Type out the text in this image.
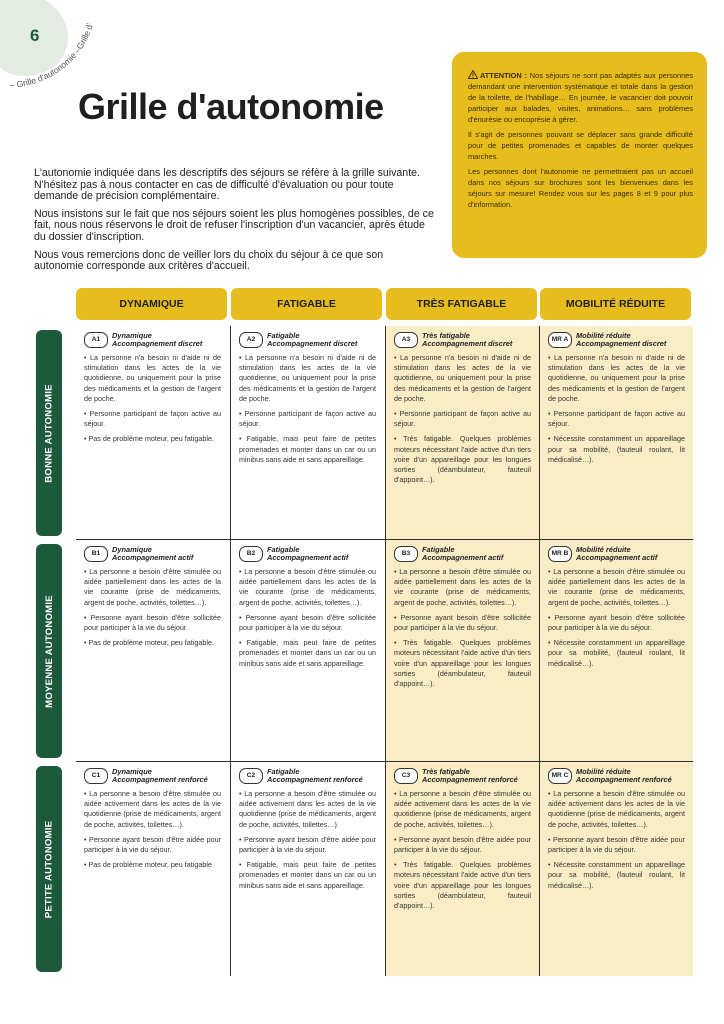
6
– Grille d'autonomie –Grille d'
Grille d'autonomie

L'autonomie indiquée dans les descriptifs des séjours se réfère à la grille suivante. N'hésitez pas à nous contacter en cas de difficulté d'évaluation ou pour toute demande de précision complémentaire.

Nous insistons sur le fait que nos séjours soient les plus homogènes possibles, de ce fait, nous nous réservons le droit de refuser l'inscription d'un vacancier, après étude du dossier d'inscription.

Nous vous remercions donc de veiller lors du choix du séjour à ce que son autonomie corresponde aux critères d'accueil.

ATTENTION : Nos séjours ne sont pas adaptés aux personnes demandant une intervention systématique et totale dans la gestion de la toilette, de l'habillage… En journée, le vacancier doit pouvoir participer aux balades, visites, animations… sans problèmes d'énurésie ou encoprésie à gérer.

Il s'agit de personnes pouvant se déplacer sans grande difficulté pour de petites promenades et capables de monter quelques marches.

Les personnes dont l'autonomie ne permettraient pas un accueil dans nos séjours sur brochures sont les bienvenues dans les séjours sur mesure! Rendez vous sur les pages 8 et 9 pour plus d'information.

DYNAMIQUE	FATIGABLE	TRÈS FATIGABLE	MOBILITÉ RÉDUITE
BONNE AUTONOMIE
A1	Dynamique
Accompagnement discret

• La personne n'a besoin ni d'aide ni de stimulation dans les actes de la vie quotidienne, ou uniquement pour la prise des médicaments et la gestion de l'argent de poche.

• Personne participant de façon active au séjour.

• Pas de problème moteur, peu fatigable.

A2	Fatigable
Accompagnement discret

• La personne n'a besoin ni d'aide ni de stimulation dans les actes de la vie quotidienne, ou uniquement pour la prise des médicaments et la gestion de l'argent de poche.

• Personne participant de façon active au séjour.

• Fatigable, mais peut faire de petites promenades et monter dans un car ou un minibus sans aide et sans appareillage.

A3	Très fatigable
Accompagnement discret

• La personne n'a besoin ni d'aide ni de stimulation dans les actes de la vie quotidienne, ou uniquement pour la prise des médicaments et la gestion de l'argent de poche.

• Personne participant de façon active au séjour.

• Très fatigable. Quelques problèmes moteurs nécessitant l'aide active d'un tiers voire d'un appareillage pour les longues sorties (déambulateur, fauteuil d'appoint…).

MR A	Mobilité réduite
Accompagnement discret

• La personne n'a besoin ni d'aide ni de stimulation dans les actes de la vie quotidienne, ou uniquement pour la prise des médicaments et la gestion de l'argent de poche.

• Personne participant de façon active au séjour.

• Nécessite constamment un appareillage pour sa mobilité, (fauteuil roulant, lit médicalisé…).

MOYENNE AUTONOMIE
B1	Dynamique
Accompagnement actif

• La personne a besoin d'être stimulée ou aidée partiellement dans les actes de la vie courante (prise de médicaments, argent de poche, activités, toilettes…).

• Personne ayant besoin d'être sollicitée pour participer à la vie du séjour.

• Pas de problème moteur, peu fatigable.

B2	Fatigable
Accompagnement actif

• La personne a besoin d'être stimulée ou aidée partiellement dans les actes de la vie courante (prise de médicaments, argent de poche, activités, toilettes…).

• Personne ayant besoin d'être sollicitée pour participer à la vie du séjour.

• Fatigable, mais peut faire de petites promenades et monter dans un car ou un minibus sans aide et sans appareillage.

B3	Fatigable
Accompagnement actif

• La personne a besoin d'être stimulée ou aidée partiellement dans les actes de la vie courante (prise de médicaments, argent de poche, activités, toilettes…).

• Personne ayant besoin d'être sollicitée pour participer à la vie du séjour.

• Très fatigable. Quelques problèmes moteurs nécessitant l'aide active d'un tiers voire d'un appareillage pour les longues sorties (déambulateur, fauteuil d'appoint…).

MR B	Mobilité réduite
Accompagnement actif

• La personne a besoin d'être stimulée ou aidée partiellement dans les actes de la vie courante (prise de médicaments, argent de poche, activités, toilettes…).

• Personne ayant besoin d'être sollicitée pour participer à la vie du séjour.

• Nécessite constamment un appareillage pour sa mobilité, (fauteuil roulant, lit médicalisé…).

PETITE AUTONOMIE
C1	Dynamique
Accompagnement renforcé

• La personne a besoin d'être stimulée ou aidée activement dans les actes de la vie quotidienne (prise de médicaments, argent de poche, activités, toilettes…).

• Personne ayant besoin d'être aidée pour participer à la vie du séjour.

• Pas de problème moteur, peu fatigable

C2	Fatigable
Accompagnement renforcé

• La personne a besoin d'être stimulée ou aidée activement dans les actes de la vie quotidienne (prise de médicaments, argent de poche, activités, toilettes…).

• Personne ayant besoin d'être aidée pour participer à la vie du séjour.

• Fatigable, mais peut faire de petites promenades et monter dans un car ou un minibus sans aide et sans appareillage.

C3	Très fatigable
Accompagnement renforcé

• La personne a besoin d'être stimulée ou aidée activement dans les actes de la vie quotidienne (prise de médicaments, argent de poche, activités, toilettes…).

• Personne ayant besoin d'être aidée pour participer à la vie du séjour.

• Très fatigable. Quelques problèmes moteurs nécessitant l'aide active d'un tiers voire d'un appareillage pour les longues sorties (déambulateur, fauteuil d'appoint…).

MR C	Mobilité réduite
Accompagnement renforcé

• La personne a besoin d'être stimulée ou aidée activement dans les actes de la vie quotidienne (prise de médicaments, argent de poche, activités, toilettes…).

• Personne ayant besoin d'être aidée pour participer à la vie du séjour.

• Nécessite constamment un appareillage pour sa mobilité, (fauteuil roulant, lit médicalisé…).
